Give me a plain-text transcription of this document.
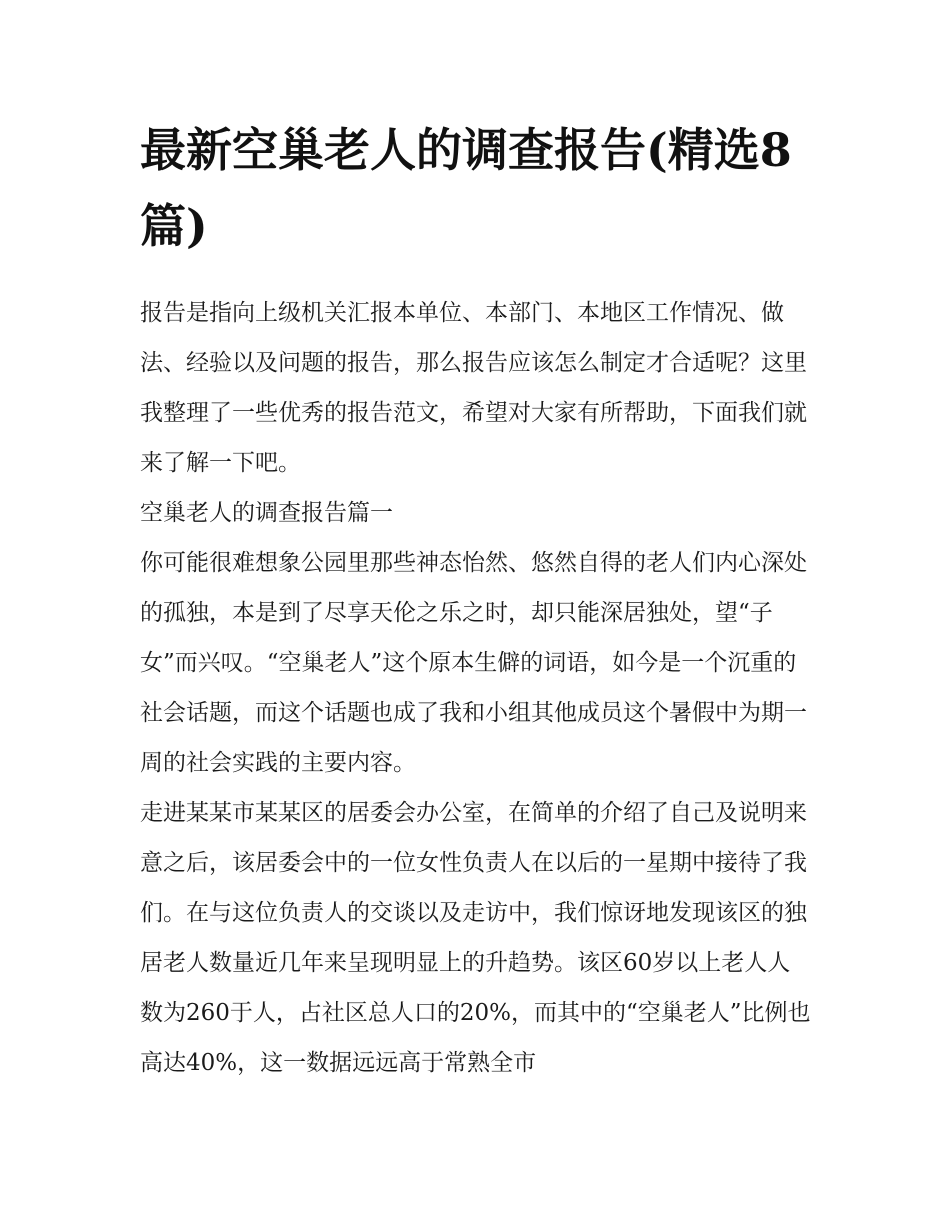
最新空巢老人的调查报告(精选8篇)

报告是指向上级机关汇报本单位、本部门、本地区工作情况、做法、经验以及问题的报告，那么报告应该怎么制定才合适呢？这里我整理了一些优秀的报告范文，希望对大家有所帮助，下面我们就来了解一下吧。

空巢老人的调查报告篇一

你可能很难想象公园里那些神态怡然、悠然自得的老人们内心深处的孤独，本是到了尽享天伦之乐之时，却只能深居独处，望“子女”而兴叹。“空巢老人”这个原本生僻的词语，如今是一个沉重的社会话题，而这个话题也成了我和小组其他成员这个暑假中为期一周的社会实践的主要内容。

走进某某市某某区的居委会办公室，在简单的介绍了自己及说明来意之后，该居委会中的一位女性负责人在以后的一星期中接待了我们。在与这位负责人的交谈以及走访中，我们惊讶地发现该区的独居老人数量近几年来呈现明显上的升趋势。该区60岁以上老人人数为260于人，占社区总人口的20%，而其中的“空巢老人”比例也高达40%，这一数据远远高于常熟全市
